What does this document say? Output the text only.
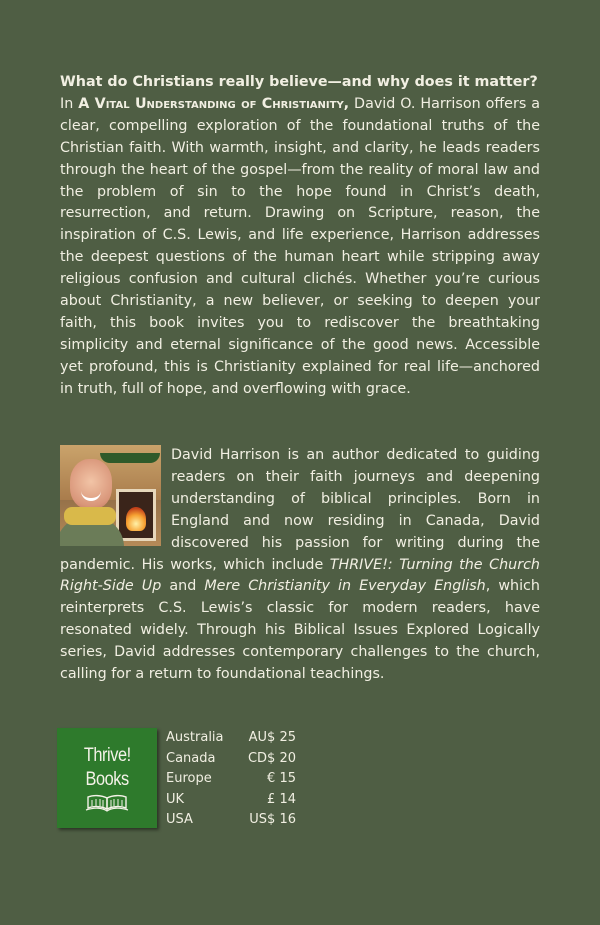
What do Christians really believe—and why does it matter?
In A Vital Understanding of Christianity, David O. Harrison offers a clear, compelling exploration of the foundational truths of the Christian faith. With warmth, insight, and clarity, he leads readers through the heart of the gospel—from the reality of moral law and the problem of sin to the hope found in Christ’s death, resurrection, and return. Drawing on Scripture, reason, the inspiration of C.S. Lewis, and life experience, Harrison addresses the deepest questions of the human heart while stripping away religious confusion and cultural clichés. Whether you’re curious about Christianity, a new believer, or seeking to deepen your faith, this book invites you to rediscover the breathtaking simplicity and eternal significance of the good news. Accessible yet profound, this is Christianity explained for real life—anchored in truth, full of hope, and overflowing with grace.

David Harrison is an author dedicated to guiding readers on their faith journeys and deepening understanding of biblical principles. Born in England and now residing in Canada, David discovered his passion for writing during the pandemic. His works, which include THRIVE!: Turning the Church Right-Side Up and Mere Christianity in Everyday English, which reinterprets C.S. Lewis’s classic for modern readers, have resonated widely. Through his Biblical Issues Explored Logically series, David addresses contemporary challenges to the church, calling for a return to foundational teachings.

Thrive!
Books
Australia AU$ 25
Canada CD$ 20
Europe	€ 15
UK	£ 14
USA	US$ 16
